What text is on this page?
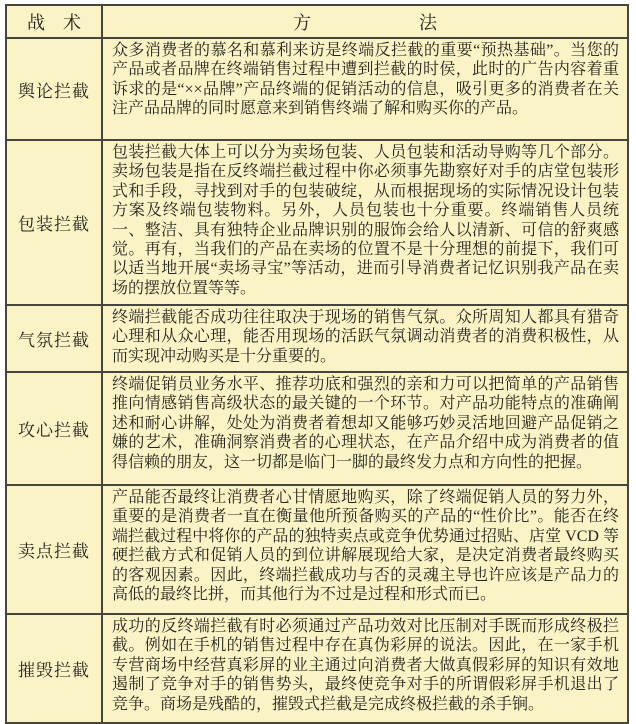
战　术	方　　　　　　法
舆论拦截	众多消费者的慕名和慕利来访是终端反拦截的重要“预热基础”。当您的产品或者品牌在终端销售过程中遭到拦截的时侯，此时的广告内容着重诉求的是“××品牌”产品终端的促销活动的信息，吸引更多的消费者在关注产品品牌的同时愿意来到销售终端了解和购买你的产品。
包装拦截	包装拦截大体上可以分为卖场包装、人员包装和活动导购等几个部分。卖场包装是指在反终端拦截过程中你必须事先勘察好对手的店堂包装形式和手段，寻找到对手的包装破绽，从而根据现场的实际情况设计包装方案及终端包装物料。另外，人员包装也十分重要。终端销售人员统一、整洁、具有独特企业品牌识别的服饰会给人以清新、可信的舒爽感觉。再有，当我们的产品在卖场的位置不是十分理想的前提下，我们可以适当地开展“卖场寻宝”等活动，进而引导消费者记忆识别我产品在卖场的摆放位置等等。
气氛拦截	终端拦截能否成功往往取决于现场的销售气氛。众所周知人都具有猎奇心理和从众心理，能否用现场的活跃气氛调动消费者的消费积极性，从而实现冲动购买是十分重要的。
攻心拦截	终端促销员业务水平、推荐功底和强烈的亲和力可以把简单的产品销售推向情感销售高级状态的最关键的一个环节。对产品功能特点的准确阐述和耐心讲解，处处为消费者着想却又能够巧妙灵活地回避产品促销之嫌的艺术，准确洞察消费者的心理状态，在产品介绍中成为消费者的值得信赖的朋友，这一切都是临门一脚的最终发力点和方向性的把握。
卖点拦截	产品能否最终让消费者心甘情愿地购买，除了终端促销人员的努力外，重要的是消费者一直在衡量他所预备购买的产品的“性价比”。能否在终端拦截过程中将你的产品的独特卖点或竞争优势通过招贴、店堂 VCD 等硬拦截方式和促销人员的到位讲解展现给大家，是决定消费者最终购买的客观因素。因此，终端拦截成功与否的灵魂主导也许应该是产品力的高低的最终比拼，而其他行为不过是过程和形式而已。
摧毁拦截	成功的反终端拦截有时必须通过产品功效对比压制对手既而形成终极拦截。例如在手机的销售过程中存在真伪彩屏的说法。因此，在一家手机专营商场中经营真彩屏的业主通过向消费者大做真假彩屏的知识有效地遏制了竞争对手的销售势头，最终使竞争对手的所谓假彩屏手机退出了竞争。商场是残酷的，摧毁式拦截是完成终极拦截的杀手锏。
